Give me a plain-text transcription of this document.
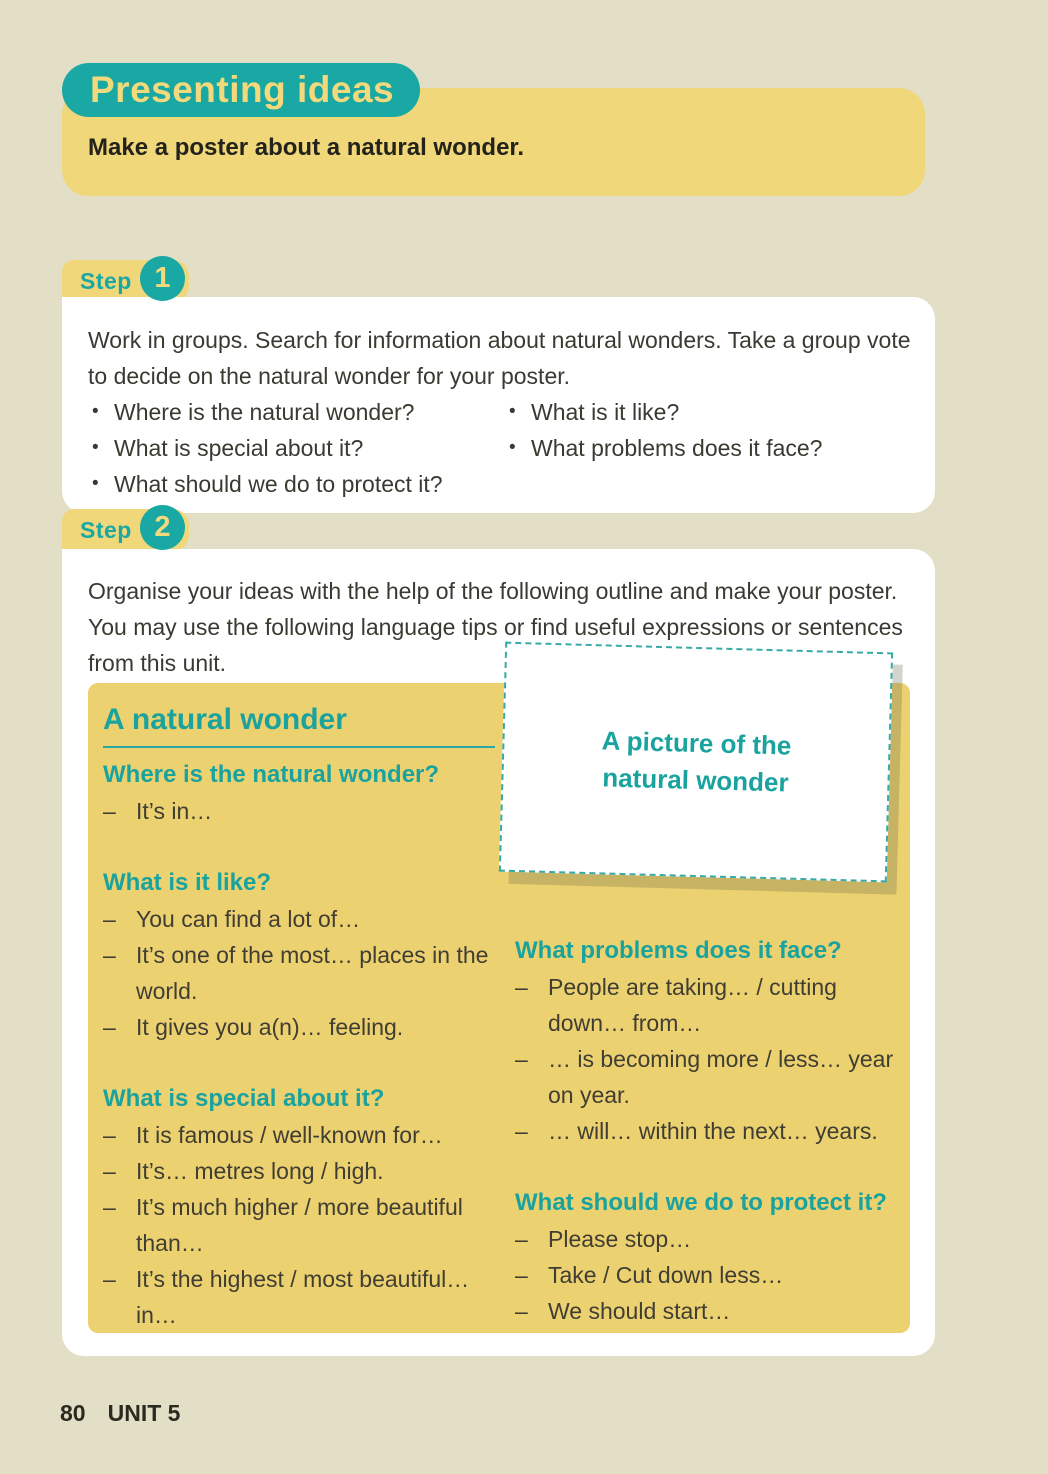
Presenting ideas
Make a poster about a natural wonder.
Step 1

Work in groups. Search for information about natural wonders. Take a group vote to decide on the natural wonder for your poster.

• Where is the natural wonder?
• What is special about it?
• What should we do to protect it?
• What is it like?
• What problems does it face?
Step 2

Organise your ideas with the help of the following outline and make your poster. You may use the following language tips or find useful expressions or sentences from this unit.

A natural wonder
Where is the natural wonder?
– It’s in…
What is it like?
– You can find a lot of…
– It’s one of the most… places in the world.
– It gives you a(n)… feeling.
What is special about it?
– It is famous / well-known for…
– It’s… metres long / high.
– It’s much higher / more beautiful than…
– It’s the highest / most beautiful… in…
What problems does it face?
– People are taking… / cutting down… from…
– … is becoming more / less… year on year.
– … will… within the next… years.
What should we do to protect it?
– Please stop…
– Take / Cut down less…
– We should start…
A picture of the natural wonder
80 UNIT 5
